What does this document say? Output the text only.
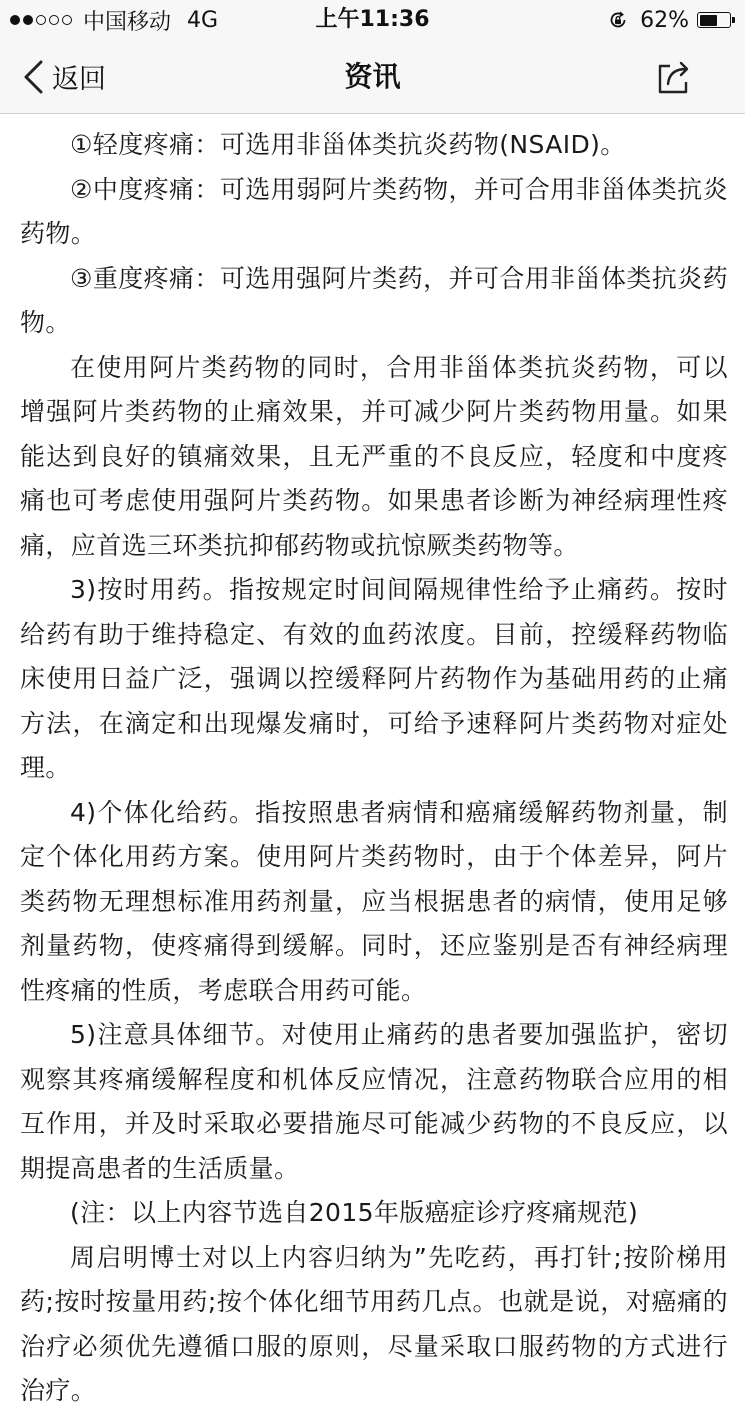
中国移动 4G	上午11:36	62%
返回	资讯

①轻度疼痛：可选用非甾体类抗炎药物(NSAID)。

②中度疼痛：可选用弱阿片类药物，并可合用非甾体类抗炎药物。

③重度疼痛：可选用强阿片类药，并可合用非甾体类抗炎药物。

在使用阿片类药物的同时，合用非甾体类抗炎药物，可以增强阿片类药物的止痛效果，并可减少阿片类药物用量。如果能达到良好的镇痛效果，且无严重的不良反应，轻度和中度疼痛也可考虑使用强阿片类药物。如果患者诊断为神经病理性疼痛，应首选三环类抗抑郁药物或抗惊厥类药物等。

3)按时用药。指按规定时间间隔规律性给予止痛药。按时给药有助于维持稳定、有效的血药浓度。目前，控缓释药物临床使用日益广泛，强调以控缓释阿片药物作为基础用药的止痛方法，在滴定和出现爆发痛时，可给予速释阿片类药物对症处理。

4)个体化给药。指按照患者病情和癌痛缓解药物剂量，制定个体化用药方案。使用阿片类药物时，由于个体差异，阿片类药物无理想标准用药剂量，应当根据患者的病情，使用足够剂量药物，使疼痛得到缓解。同时，还应鉴别是否有神经病理性疼痛的性质，考虑联合用药可能。

5)注意具体细节。对使用止痛药的患者要加强监护，密切观察其疼痛缓解程度和机体反应情况，注意药物联合应用的相互作用，并及时采取必要措施尽可能减少药物的不良反应，以期提高患者的生活质量。

(注：以上内容节选自2015年版癌症诊疗疼痛规范)

周启明博士对以上内容归纳为”先吃药，再打针;按阶梯用药;按时按量用药;按个体化细节用药几点。也就是说，对癌痛的治疗必须优先遵循口服的原则，尽量采取口服药物的方式进行治疗。
